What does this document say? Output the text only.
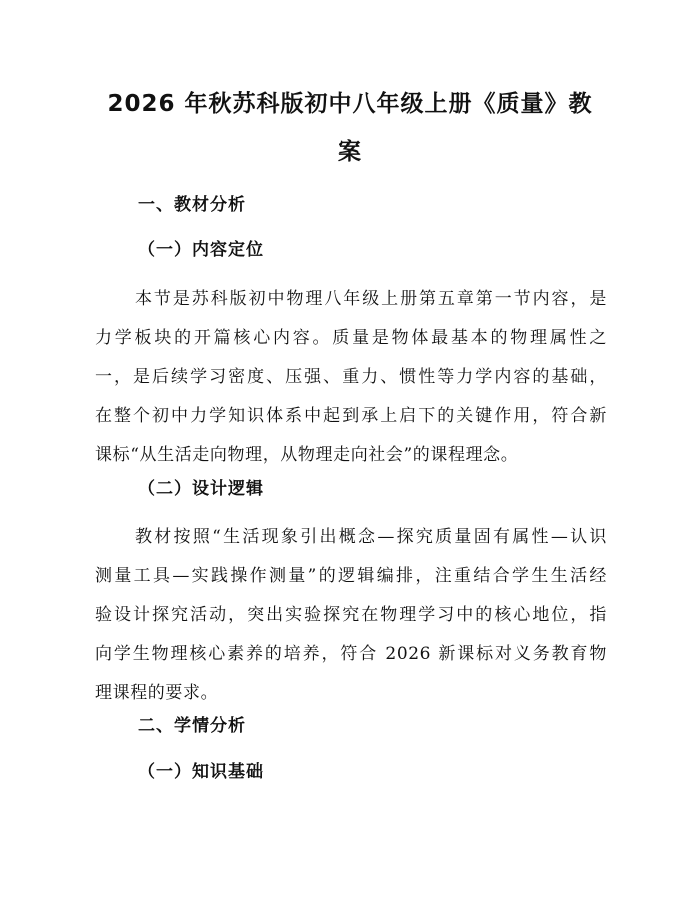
2026 年秋苏科版初中八年级上册《质量》教
案
一、教材分析
（一）内容定位
本节是苏科版初中物理八年级上册第五章第一节内容，是
力学板块的开篇核心内容。质量是物体最基本的物理属性之
一，是后续学习密度、压强、重力、惯性等力学内容的基础，
在整个初中力学知识体系中起到承上启下的关键作用，符合新
课标“从生活走向物理，从物理走向社会”的课程理念。
（二）设计逻辑
教材按照“生活现象引出概念—探究质量固有属性—认识
测量工具—实践操作测量”的逻辑编排，注重结合学生生活经
验设计探究活动，突出实验探究在物理学习中的核心地位，指
向学生物理核心素养的培养，符合 2026 新课标对义务教育物
理课程的要求。
二、学情分析
（一）知识基础
